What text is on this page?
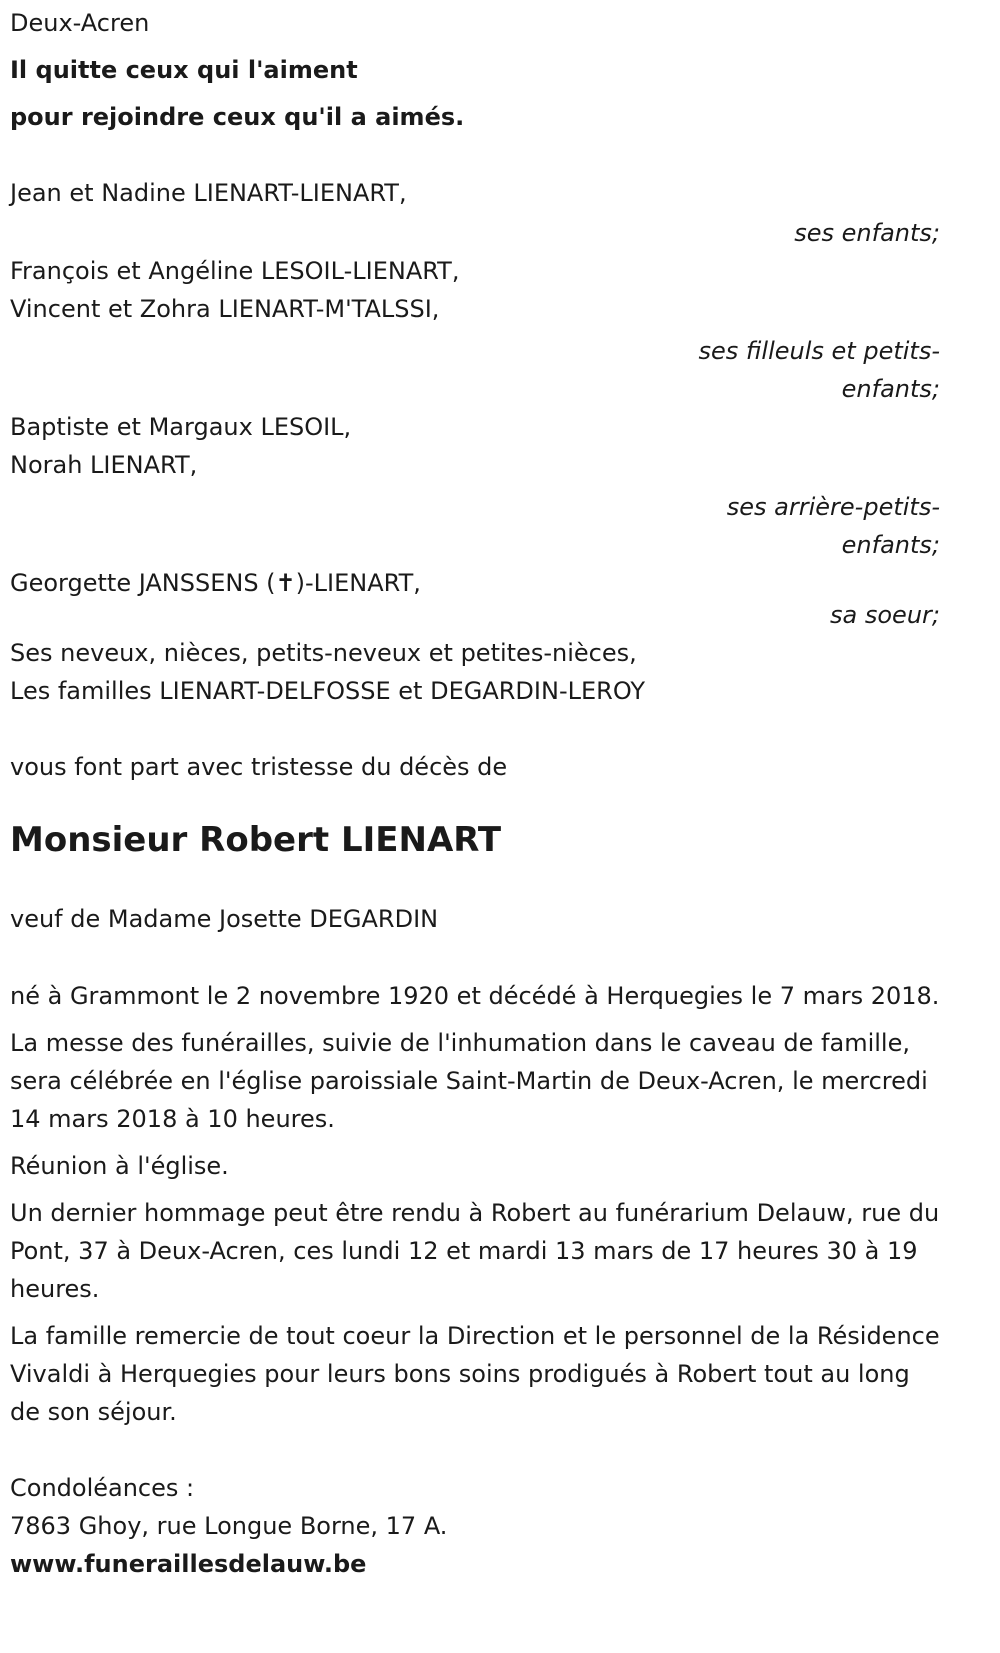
Deux-Acren
Il quitte ceux qui l'aiment
pour rejoindre ceux qu'il a aimés.
Jean et Nadine LIENART-LIENART,
ses enfants;
François et Angéline LESOIL-LIENART,
Vincent et Zohra LIENART-M'TALSSI,
ses filleuls et petits-
enfants;
Baptiste et Margaux LESOIL,
Norah LIENART,
ses arrière-petits-
enfants;
Georgette JANSSENS (✝)-LIENART,
sa soeur;
Ses neveux, nièces, petits-neveux et petites-nièces,
Les familles LIENART-DELFOSSE et DEGARDIN-LEROY
vous font part avec tristesse du décès de
Monsieur Robert LIENART
veuf de Madame Josette DEGARDIN
né à Grammont le 2 novembre 1920 et décédé à Herquegies le 7 mars 2018.
La messe des funérailles, suivie de l'inhumation dans le caveau de famille, sera célébrée en l'église paroissiale Saint-Martin de Deux-Acren, le mercredi 14 mars 2018 à 10 heures.
Réunion à l'église.
Un dernier hommage peut être rendu à Robert au funérarium Delauw, rue du Pont, 37 à Deux-Acren, ces lundi 12 et mardi 13 mars de 17 heures 30 à 19 heures.
La famille remercie de tout coeur la Direction et le personnel de la Résidence Vivaldi à Herquegies pour leurs bons soins prodigués à Robert tout au long de son séjour.
Condoléances :
7863 Ghoy, rue Longue Borne, 17 A.
www.funeraillesdelauw.be
